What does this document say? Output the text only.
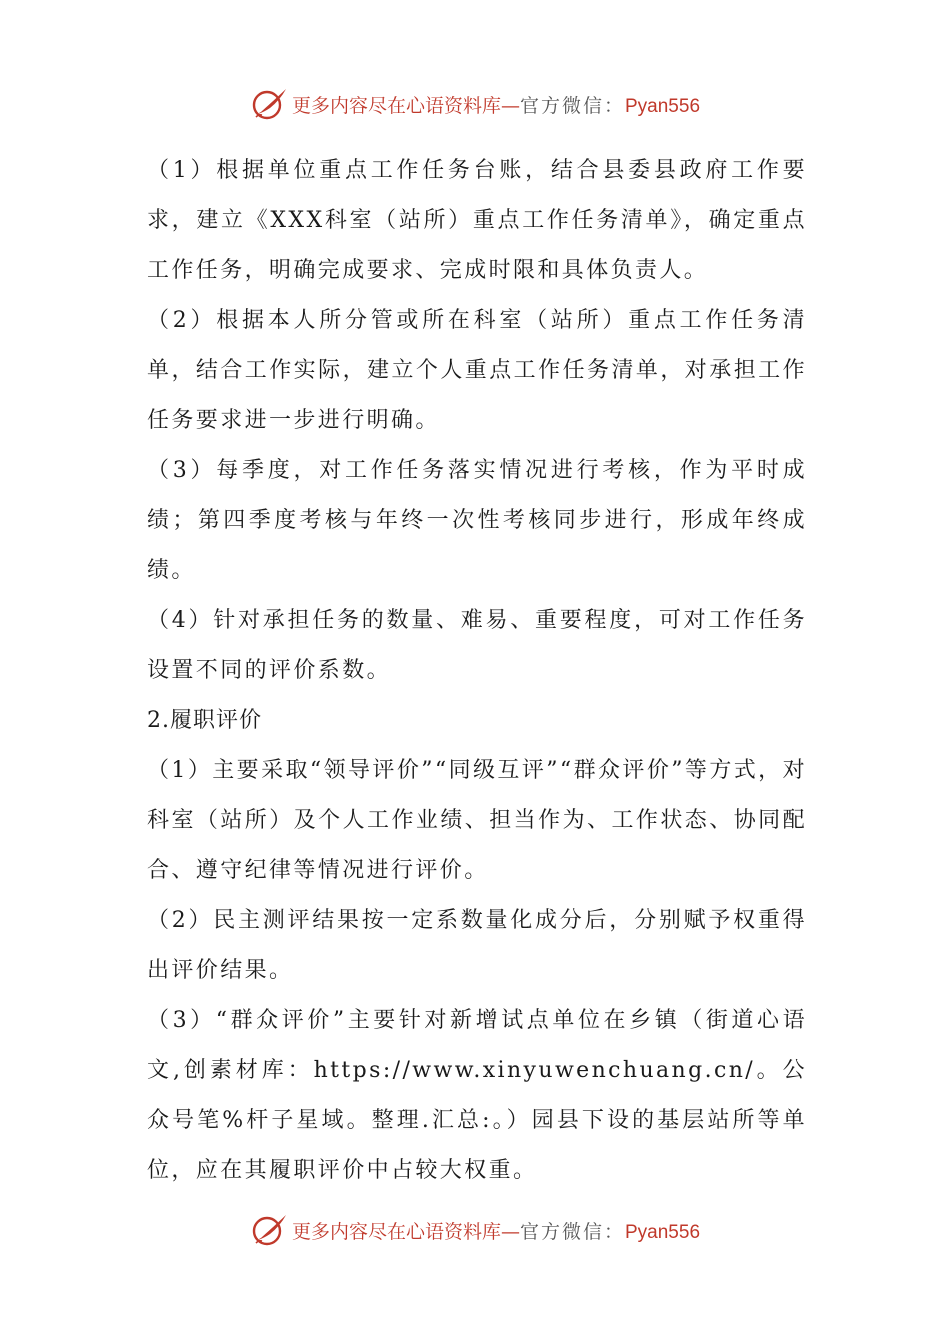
更多内容尽在心语资料库—官方微信：Pyan556

（1）根据单位重点工作任务台账，结合县委县政府工作要求，建立《XXX科室（站所）重点工作任务清单》，确定重点工作任务，明确完成要求、完成时限和具体负责人。

（2）根据本人所分管或所在科室（站所）重点工作任务清单，结合工作实际，建立个人重点工作任务清单，对承担工作任务要求进一步进行明确。

（3）每季度，对工作任务落实情况进行考核，作为平时成绩；第四季度考核与年终一次性考核同步进行，形成年终成绩。

（4）针对承担任务的数量、难易、重要程度，可对工作任务设置不同的评价系数。

2.履职评价

（1）主要采取“领导评价”“同级互评”“群众评价”等方式，对科室（站所）及个人工作业绩、担当作为、工作状态、协同配合、遵守纪律等情况进行评价。

（2）民主测评结果按一定系数量化成分后，分别赋予权重得出评价结果。

（3）“群众评价”主要针对新增试点单位在乡镇（街道心语文,创素材库：https://www.xinyuwenchuang.cn/。公众号笔%杆子星域。整理.汇总:。）园县下设的基层站所等单位，应在其履职评价中占较大权重。

更多内容尽在心语资料库—官方微信：Pyan556
